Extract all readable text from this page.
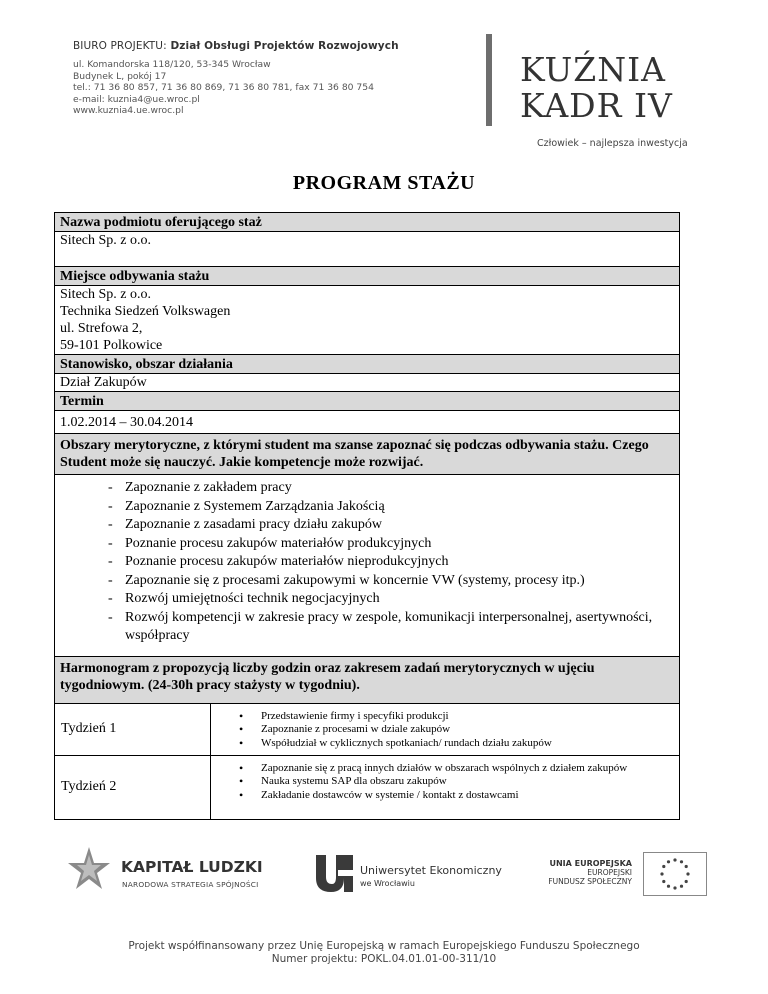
BIURO PROJEKTU: Dział Obsługi Projektów Rozwojowych
ul. Komandorska 118/120, 53-345 Wrocław
Budynek L, pokój 17
tel.: 71 36 80 857, 71 36 80 869, 71 36 80 781, fax 71 36 80 754
e-mail: kuznia4@ue.wroc.pl
www.kuznia4.ue.wroc.pl
KUŹNIA
KADR IV
Człowiek – najlepsza inwestycja
PROGRAM STAŻU
Nazwa podmiotu oferującego staż
Sitech Sp. z o.o.
Miejsce odbywania stażu
Sitech Sp. z o.o.
Technika Siedzeń Volkswagen
ul. Strefowa 2,
59-101 Polkowice
Stanowisko, obszar działania
Dział Zakupów
Termin
1.02.2014 – 30.04.2014
Obszary merytoryczne, z którymi student ma szanse zapoznać się podczas odbywania stażu. Czego Student może się nauczyć. Jakie kompetencje może rozwijać.
- Zapoznanie z zakładem pracy
- Zapoznanie z Systemem Zarządzania Jakością
- Zapoznanie z zasadami pracy działu zakupów
- Poznanie procesu zakupów materiałów produkcyjnych
- Poznanie procesu zakupów materiałów nieprodukcyjnych
- Zapoznanie się z procesami zakupowymi w koncernie VW (systemy, procesy itp.)
- Rozwój umiejętności technik negocjacyjnych
- Rozwój kompetencji w zakresie pracy w zespole, komunikacji interpersonalnej, asertywności, współpracy
Harmonogram z propozycją liczby godzin oraz zakresem zadań merytorycznych w ujęciu tygodniowym. (24-30h pracy stażysty w tygodniu).
Tydzień 1
• Przedstawienie firmy i specyfiki produkcji
• Zapoznanie z procesami w dziale zakupów
• Współudział w cyklicznych spotkaniach/ rundach działu zakupów
Tydzień 2
• Zapoznanie się z pracą innych działów w obszarach wspólnych z działem zakupów
• Nauka systemu SAP dla obszaru zakupów
• Zakładanie dostawców w systemie / kontakt z dostawcami
KAPITAŁ LUDZKI
NARODOWA STRATEGIA SPÓJNOŚCI
Uniwersytet Ekonomiczny
we Wrocławiu
UNIA EUROPEJSKA
EUROPEJSKI
FUNDUSZ SPOŁECZNY
Projekt współfinansowany przez Unię Europejską w ramach Europejskiego Funduszu Społecznego
Numer projektu: POKL.04.01.01-00-311/10
